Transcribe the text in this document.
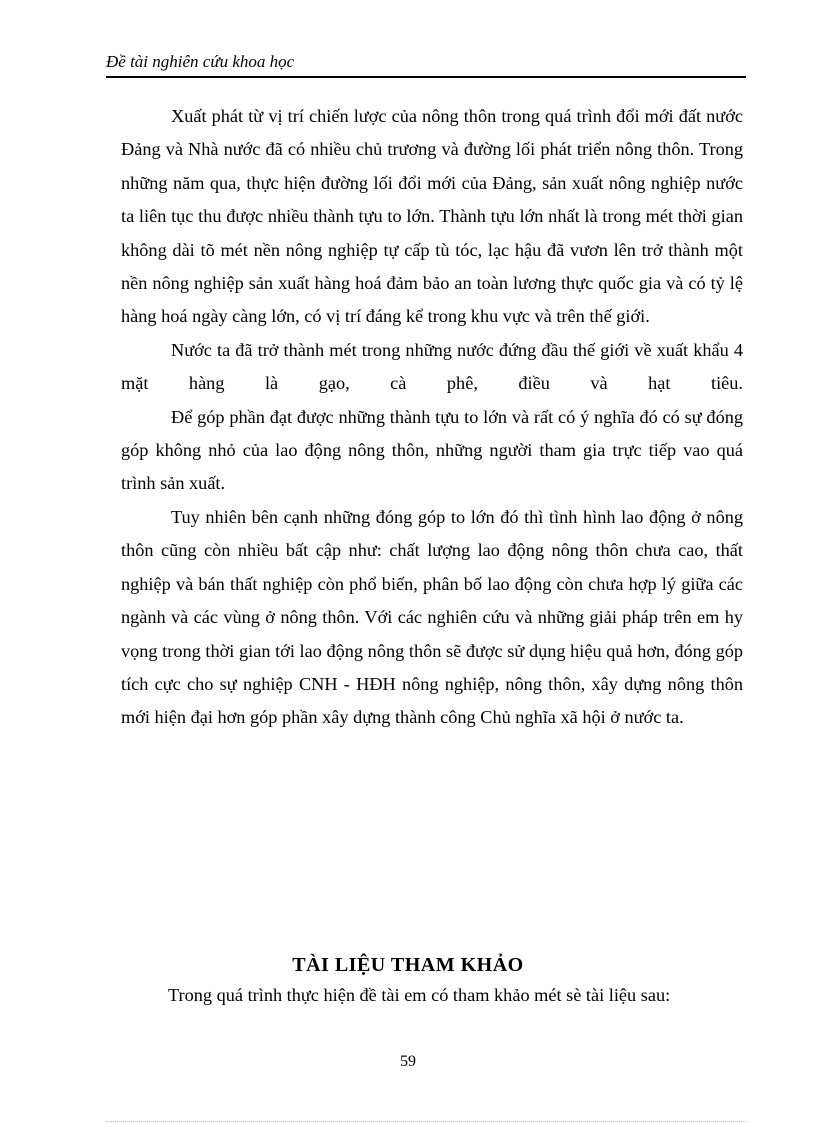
Đề tài nghiên cứu khoa học

Xuất phát từ vị trí chiến lược của nông thôn trong quá trình đổi mới đất nước Đảng và Nhà nước đã có nhiều chủ trương và đường lối phát triển nông thôn. Trong những năm qua, thực hiện đường lối đổi mới của Đảng, sản xuất nông nghiệp nước ta liên tục thu được nhiều thành tựu to lớn. Thành tựu lớn nhất là trong mét thời gian không dài tõ mét nền nông nghiệp tự cấp tù tóc, lạc hậu đã vươn lên trở thành một nền nông nghiệp sản xuất hàng hoá đảm bảo an toàn lương thực quốc gia và có tỷ lệ hàng hoá ngày càng lớn, có vị trí đáng kể trong khu vực và trên thế giới.

Nước ta đã trở thành mét trong những nước đứng đầu thế giới về xuất khẩu 4 mặt hàng là gạo, cà phê, điều và hạt tiêu.

Để góp phần đạt được những thành tựu to lớn và rất có ý nghĩa đó có sự đóng góp không nhỏ của lao động nông thôn, những người tham gia trực tiếp vao quá trình sản xuất.

Tuy nhiên bên cạnh những đóng góp to lớn đó thì tình hình lao động ở nông thôn cũng còn nhiều bất cập như: chất lượng lao động nông thôn chưa cao, thất nghiệp và bán thất nghiệp còn phổ biến, phân bố lao động còn chưa hợp lý giữa các ngành và các vùng ở nông thôn. Với các nghiên cứu và những giải pháp trên em hy vọng trong thời gian tới lao động nông thôn sẽ được sử dụng hiệu quả hơn, đóng góp tích cực cho sự nghiệp CNH - HĐH nông nghiệp, nông thôn, xây dựng nông thôn mới hiện đại hơn góp phần xây dựng thành công Chủ nghĩa xã hội ở nước ta.

TÀI LIỆU THAM KHẢO
Trong quá trình thực hiện đề tài em có tham khảo mét sè tài liệu sau:
59
